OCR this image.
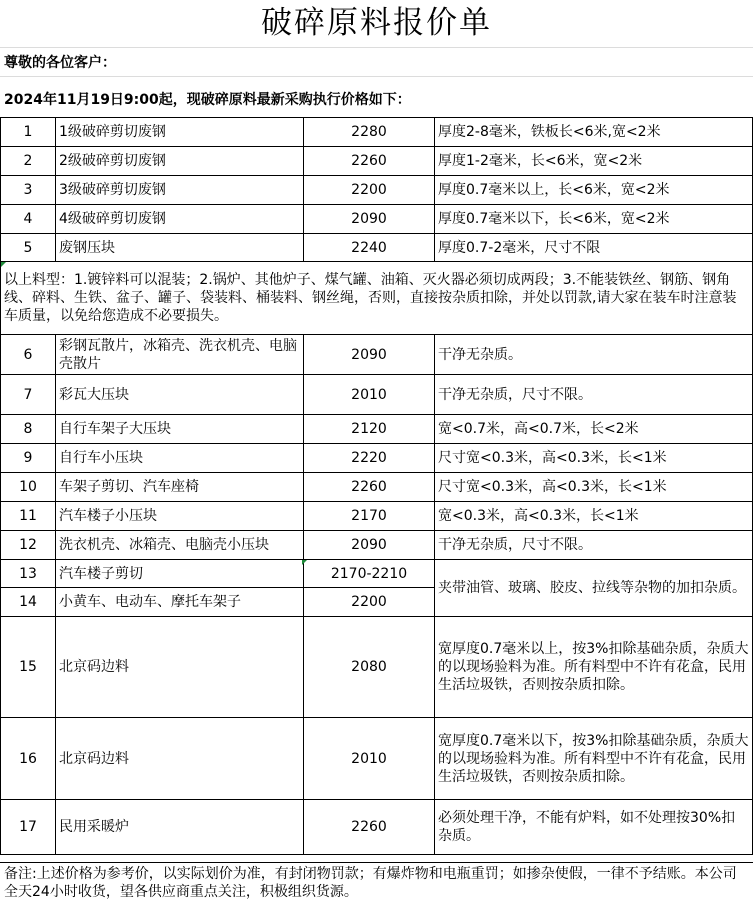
破碎原料报价单
尊敬的各位客户：
2024年11月19日9:00起，现破碎原料最新采购执行价格如下：
1	1级破碎剪切废钢	2280	厚度2-8毫米，铁板长<6米,宽<2米
2	2级破碎剪切废钢	2260	厚度1-2毫米，长<6米，宽<2米
3	3级破碎剪切废钢	2200	厚度0.7毫米以上，长<6米，宽<2米
4	4级破碎剪切废钢	2090	厚度0.7毫米以下，长<6米，宽<2米
5	废钢压块	2240	厚度0.7-2毫米，尺寸不限
以上料型：1.镀锌料可以混装；2.锅炉、其他炉子、煤气罐、油箱、灭火器必须切成两段；3.不能装铁丝、钢筋、钢角线、碎料、生铁、盆子、罐子、袋装料、桶装料、钢丝绳，否则，直接按杂质扣除，并处以罚款,请大家在装车时注意装车质量，以免给您造成不必要损失。			
6	彩钢瓦散片，冰箱壳、洗衣机壳、电脑壳散片	2090	干净无杂质。
7	彩瓦大压块	2010	干净无杂质，尺寸不限。
8	自行车架子大压块	2120	宽<0.7米，高<0.7米，长<2米
9	自行车小压块	2220	尺寸宽<0.3米，高<0.3米，长<1米
10	车架子剪切、汽车座椅	2260	尺寸宽<0.3米，高<0.3米，长<1米
11	汽车楼子小压块	2170	宽<0.3米，高<0.3米，长<1米
12	洗衣机壳、冰箱壳、电脑壳小压块	2090	干净无杂质，尺寸不限。
13	汽车楼子剪切	2170-2210	夹带油管、玻璃、胶皮、拉线等杂物的加扣杂质。
14	小黄车、电动车、摩托车架子	2200	
15	北京码边料	2080	宽厚度0.7毫米以上，按3%扣除基础杂质，杂质大的以现场验料为准。所有料型中不许有花盒，民用生活垃圾铁，否则按杂质扣除。
16	北京码边料	2010	宽厚度0.7毫米以下，按3%扣除基础杂质，杂质大的以现场验料为准。所有料型中不许有花盒，民用生活垃圾铁，否则按杂质扣除。
17	民用采暖炉	2260	必须处理干净，不能有炉料，如不处理按30%扣杂质。
备注:上述价格为参考价，以实际划价为准，有封闭物罚款；有爆炸物和电瓶重罚；如掺杂使假，一律不予结账。本公司全天24小时收货，望各供应商重点关注，积极组织货源。
